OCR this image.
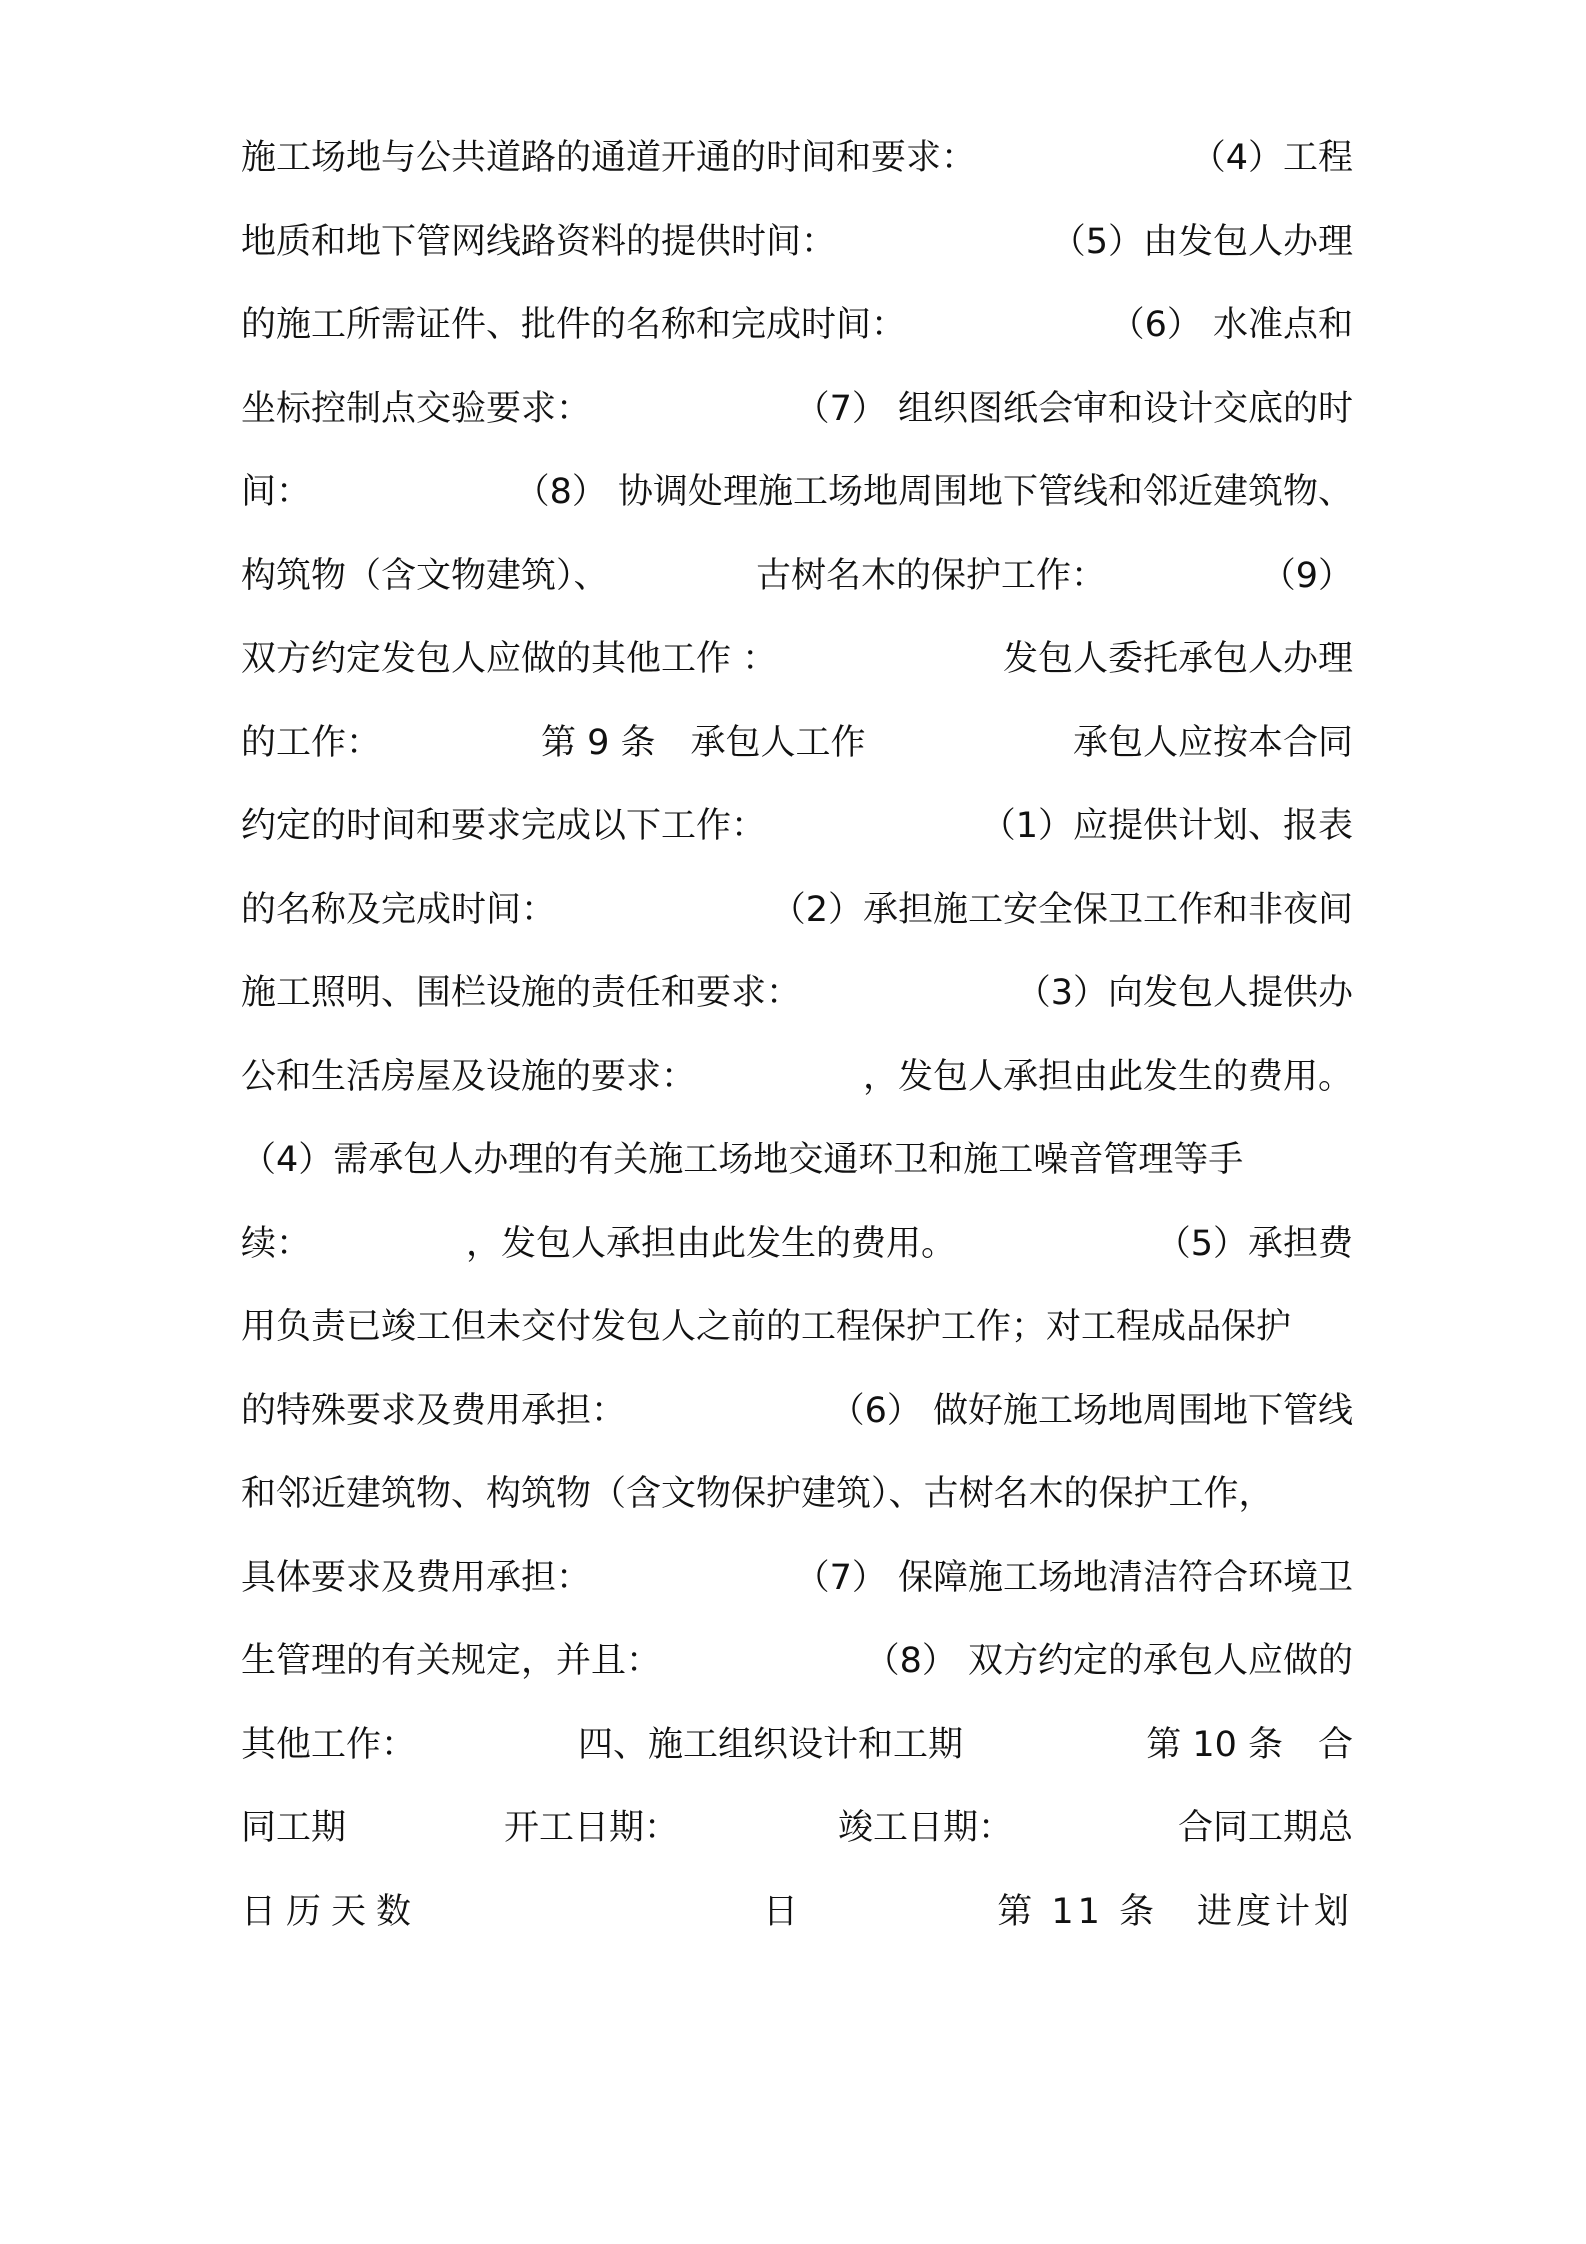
施工场地与公共道路的通道开通的时间和要求：	（4）工程
地质和地下管网线路资料的提供时间：	（5）由发包人办理
的施工所需证件、批件的名称和完成时间：	（6） 水准点和
坐标控制点交验要求：	（7） 组织图纸会审和设计交底的时
间：	（8） 协调处理施工场地周围地下管线和邻近建筑物、
构筑物（含文物建筑）、	古树名木的保护工作：	（9）
双方约定发包人应做的其他工作 ：	发包人委托承包人办理
的工作：	第 9 条　承包人工作	承包人应按本合同
约定的时间和要求完成以下工作：	（1）应提供计划、报表
的名称及完成时间：	（2）承担施工安全保卫工作和非夜间
施工照明、围栏设施的责任和要求：	（3）向发包人提供办
公和生活房屋及设施的要求：	，发包人承担由此发生的费用。
（4）需承包人办理的有关施工场地交通环卫和施工噪音管理等手
续：	，发包人承担由此发生的费用。	（5）承担费
用负责已竣工但未交付发包人之前的工程保护工作；对工程成品保护
的特殊要求及费用承担：	（6） 做好施工场地周围地下管线
和邻近建筑物、构筑物（含文物保护建筑）、古树名木的保护工作，
具体要求及费用承担：	（7） 保障施工场地清洁符合环境卫
生管理的有关规定，并且：	（8） 双方约定的承包人应做的
其他工作：	四、施工组织设计和工期	第 10 条　合
同工期	开工日期：	竣工日期：	合同工期总
日历天数	日	第 11 条　进度计划
